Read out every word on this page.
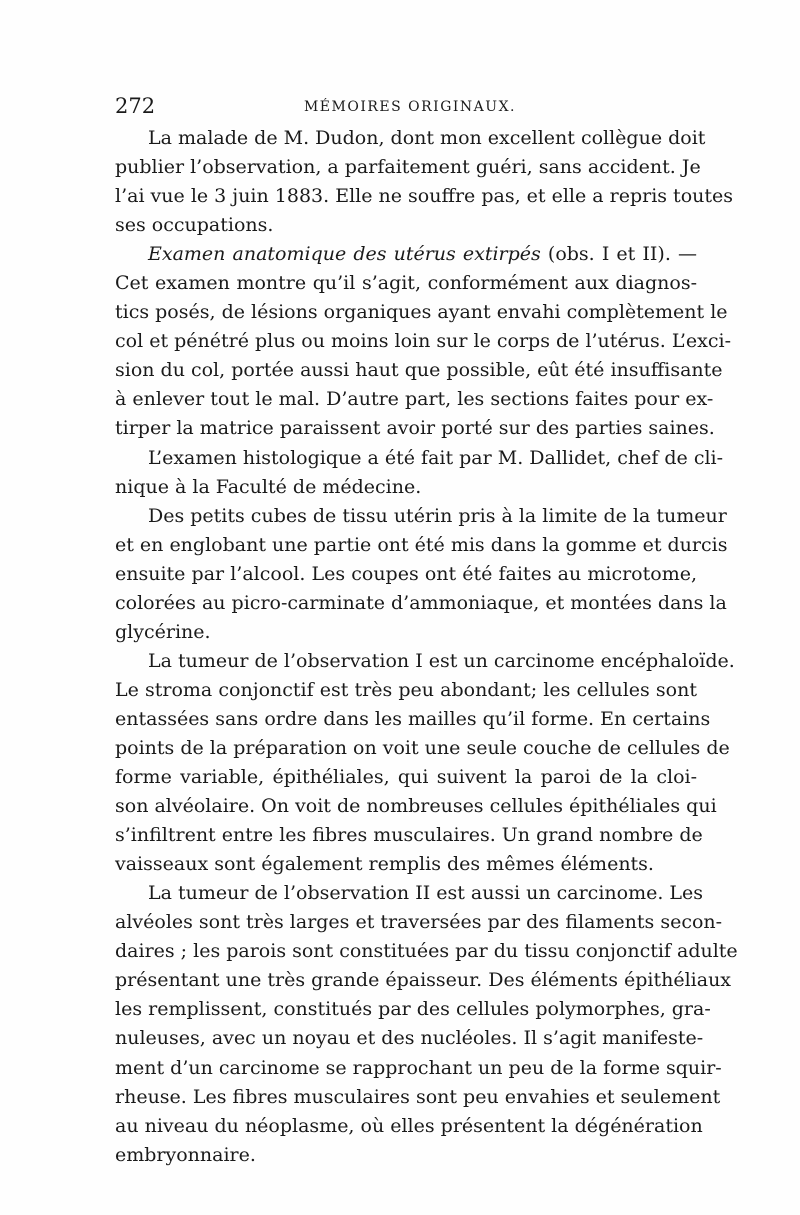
272	MÉMOIRES ORIGINAUX.
La malade de M. Dudon, dont mon excellent collègue doit
publier l’observation, a parfaitement guéri, sans accident. Je
l’ai vue le 3 juin 1883. Elle ne souffre pas, et elle a repris toutes
ses occupations.
Examen anatomique des utérus extirpés (obs. I et II). —
Cet examen montre qu’il s’agit, conformément aux diagnos-
tics posés, de lésions organiques ayant envahi complètement le
col et pénétré plus ou moins loin sur le corps de l’utérus. L’exci-
sion du col, portée aussi haut que possible, eût été insuffisante
à enlever tout le mal. D’autre part, les sections faites pour ex-
tirper la matrice paraissent avoir porté sur des parties saines.
L’examen histologique a été fait par M. Dallidet, chef de cli-
nique à la Faculté de médecine.
Des petits cubes de tissu utérin pris à la limite de la tumeur
et en englobant une partie ont été mis dans la gomme et durcis
ensuite par l’alcool. Les coupes ont été faites au microtome,
colorées au picro-carminate d’ammoniaque, et montées dans la
glycérine.
La tumeur de l’observation I est un carcinome encéphaloïde.
Le stroma conjonctif est très peu abondant; les cellules sont
entassées sans ordre dans les mailles qu’il forme. En certains
points de la préparation on voit une seule couche de cellules de
forme variable, épithéliales, qui suivent la paroi de la cloi-
son alvéolaire. On voit de nombreuses cellules épithéliales qui
s’infiltrent entre les fibres musculaires. Un grand nombre de
vaisseaux sont également remplis des mêmes éléments.
La tumeur de l’observation II est aussi un carcinome. Les
alvéoles sont très larges et traversées par des filaments secon-
daires ; les parois sont constituées par du tissu conjonctif adulte
présentant une très grande épaisseur. Des éléments épithéliaux
les remplissent, constitués par des cellules polymorphes, gra-
nuleuses, avec un noyau et des nucléoles. Il s’agit manifeste-
ment d’un carcinome se rapprochant un peu de la forme squir-
rheuse. Les fibres musculaires sont peu envahies et seulement
au niveau du néoplasme, où elles présentent la dégénération
embryonnaire.
